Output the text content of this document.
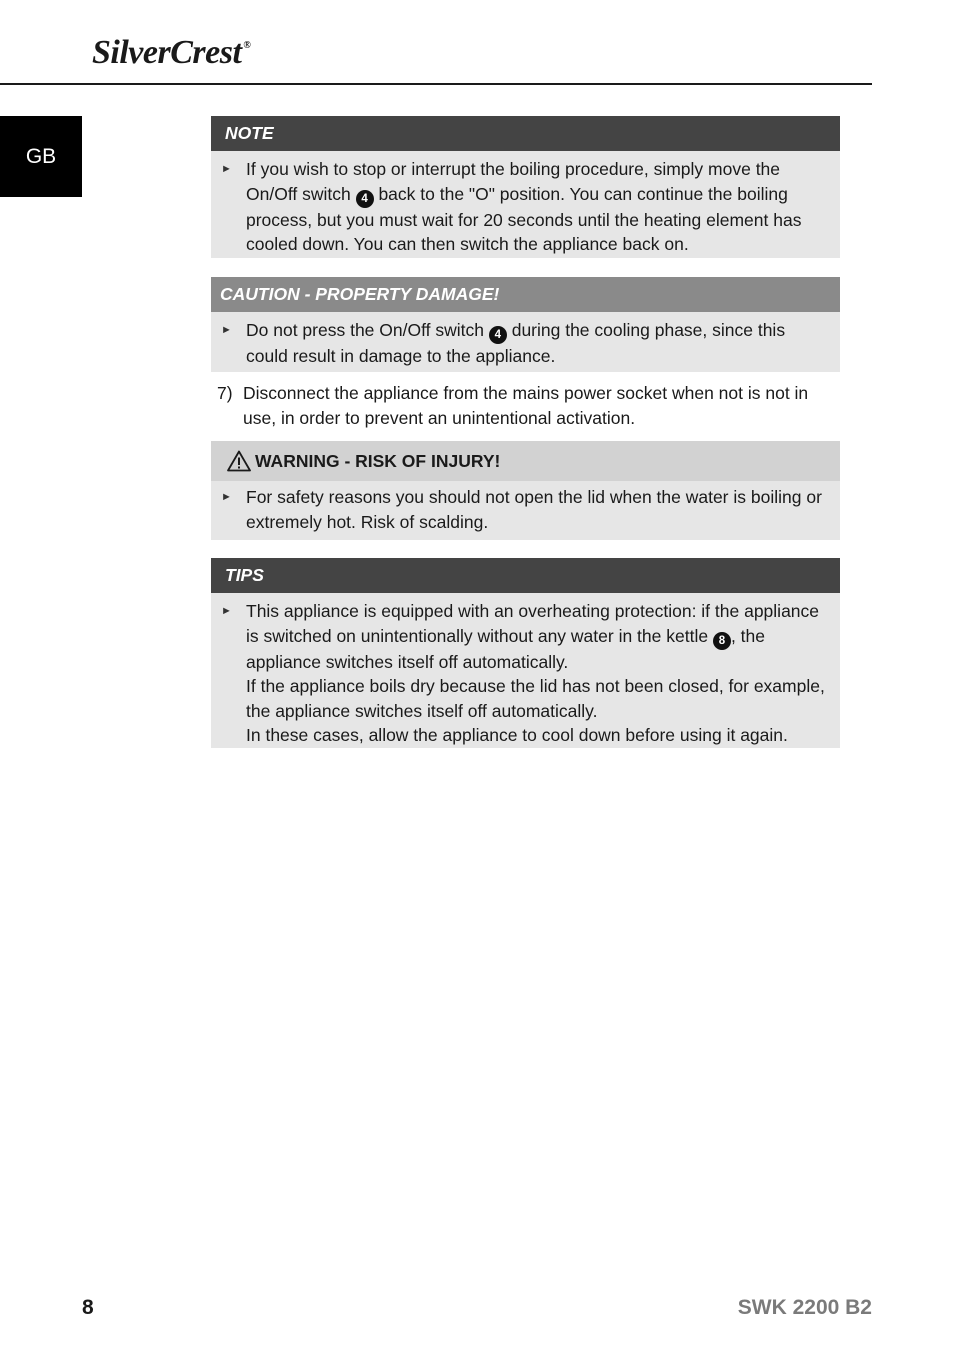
SilverCrest ®
GB
NOTE
► If you wish to stop or interrupt the boiling procedure, simply move the On/Off switch 4 back to the "O" position. You can continue the boiling process, but you must wait for 20 seconds until the heating element has cooled down. You can then switch the appliance back on.
CAUTION - PROPERTY DAMAGE!
► Do not press the On/Off switch 4 during the cooling phase, since this could result in damage to the appliance.
7) Disconnect the appliance from the mains power socket when not is not in use, in order to prevent an unintentional activation.
WARNING - RISK OF INJURY!
► For safety reasons you should not open the lid when the water is boiling or extremely hot. Risk of scalding.
TIPS
► This appliance is equipped with an overheating protection: if the appliance is switched on unintentionally without any water in the kettle 8 , the appliance switches itself off automatically.
If the appliance boils dry because the lid has not been closed, for example, the appliance switches itself off automatically.
In these cases, allow the appliance to cool down before using it again.
8	SWK 2200 B2
